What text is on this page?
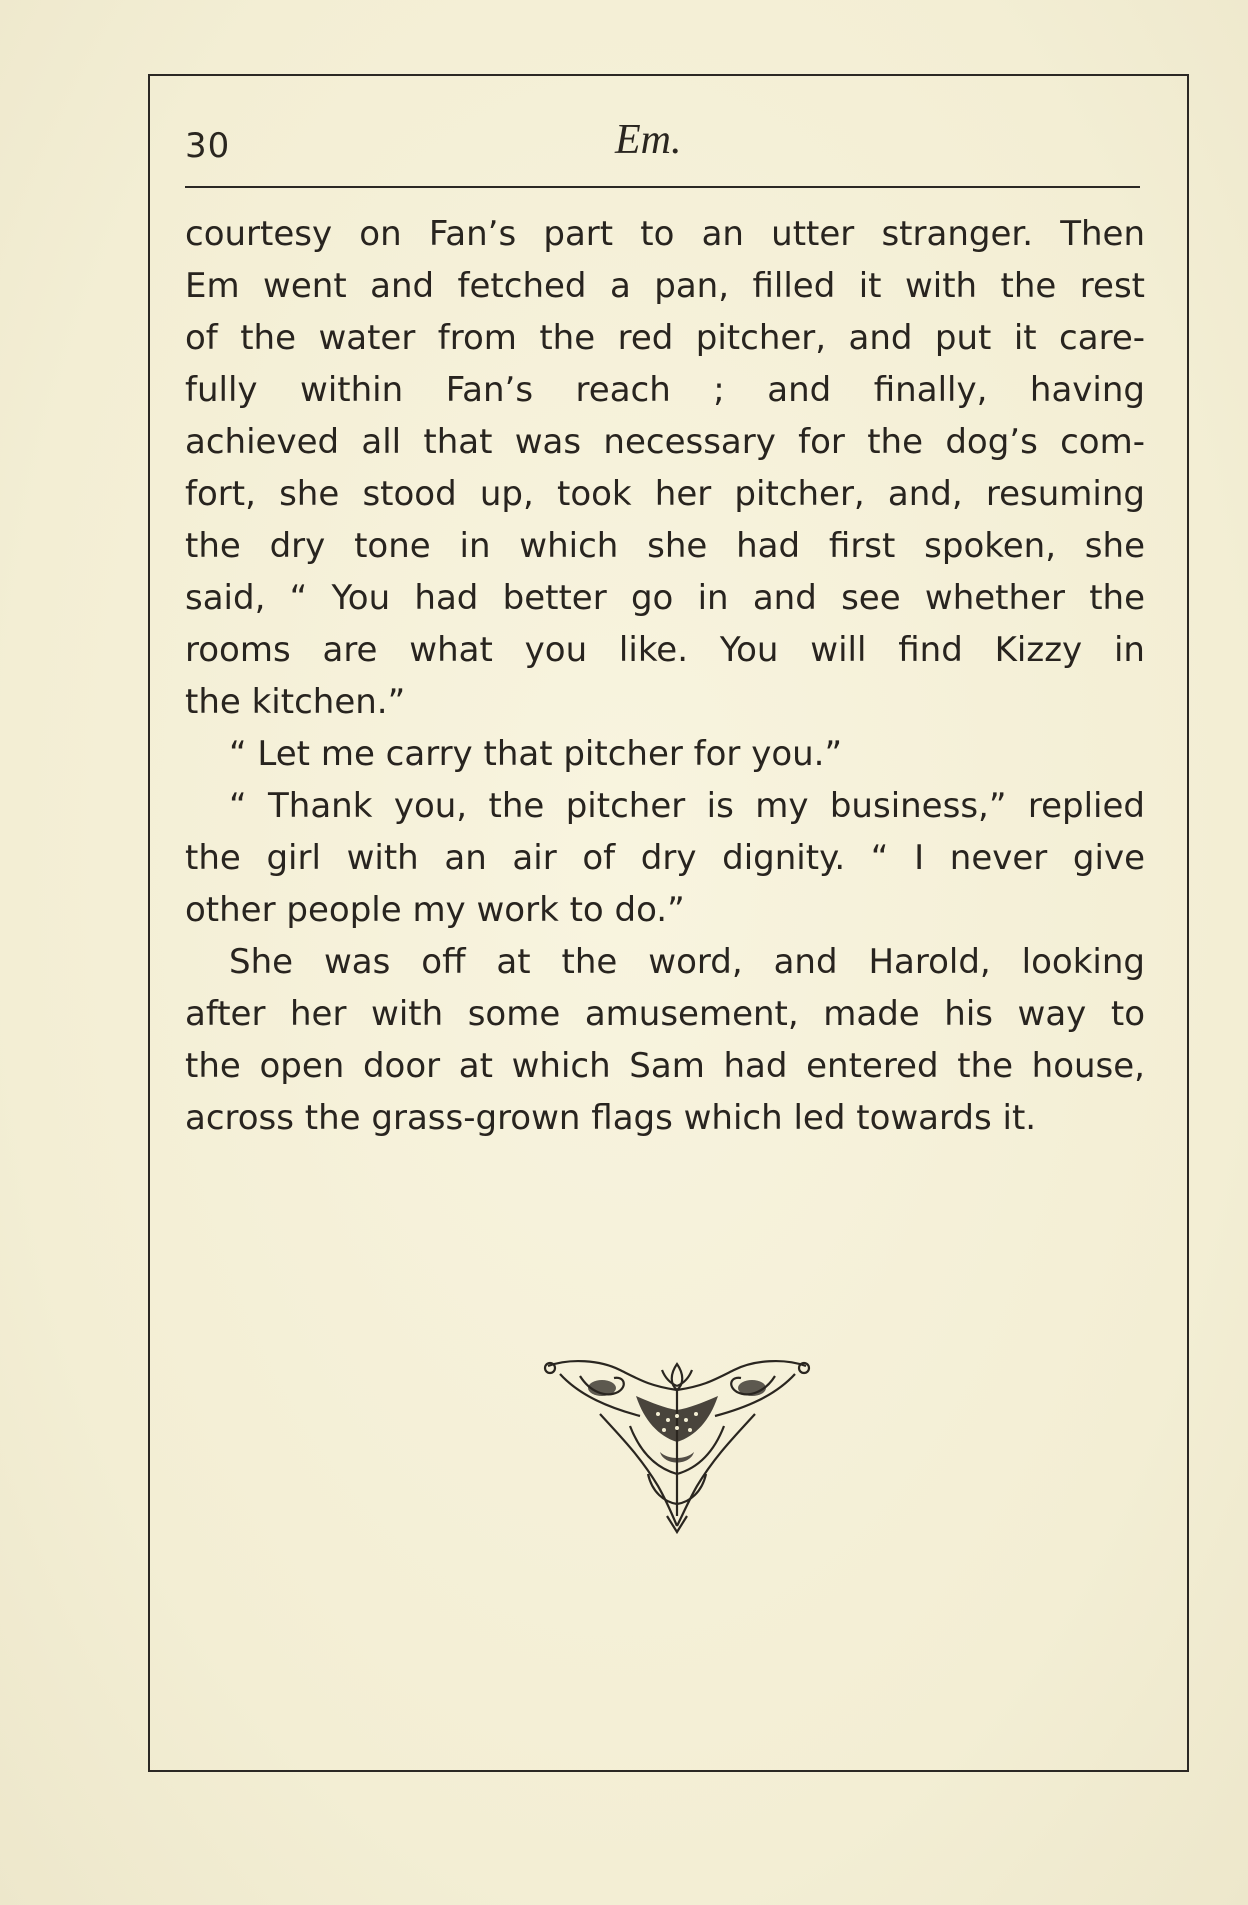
30	Em.

courtesy on Fan’s part to an utter stranger. Then

Em went and fetched a pan, filled it with the rest

of the water from the red pitcher, and put it care-

fully within Fan’s reach ; and finally, having

achieved all that was necessary for the dog’s com-

fort, she stood up, took her pitcher, and, resuming

the dry tone in which she had first spoken, she

said, “ You had better go in and see whether the

rooms are what you like. You will find Kizzy in

the kitchen.”

“ Let me carry that pitcher for you.”

“ Thank you, the pitcher is my business,” replied

the girl with an air of dry dignity. “ I never give

other people my work to do.”

She was off at the word, and Harold, looking

after her with some amusement, made his way to

the open door at which Sam had entered the house,

across the grass-grown flags which led towards it.
